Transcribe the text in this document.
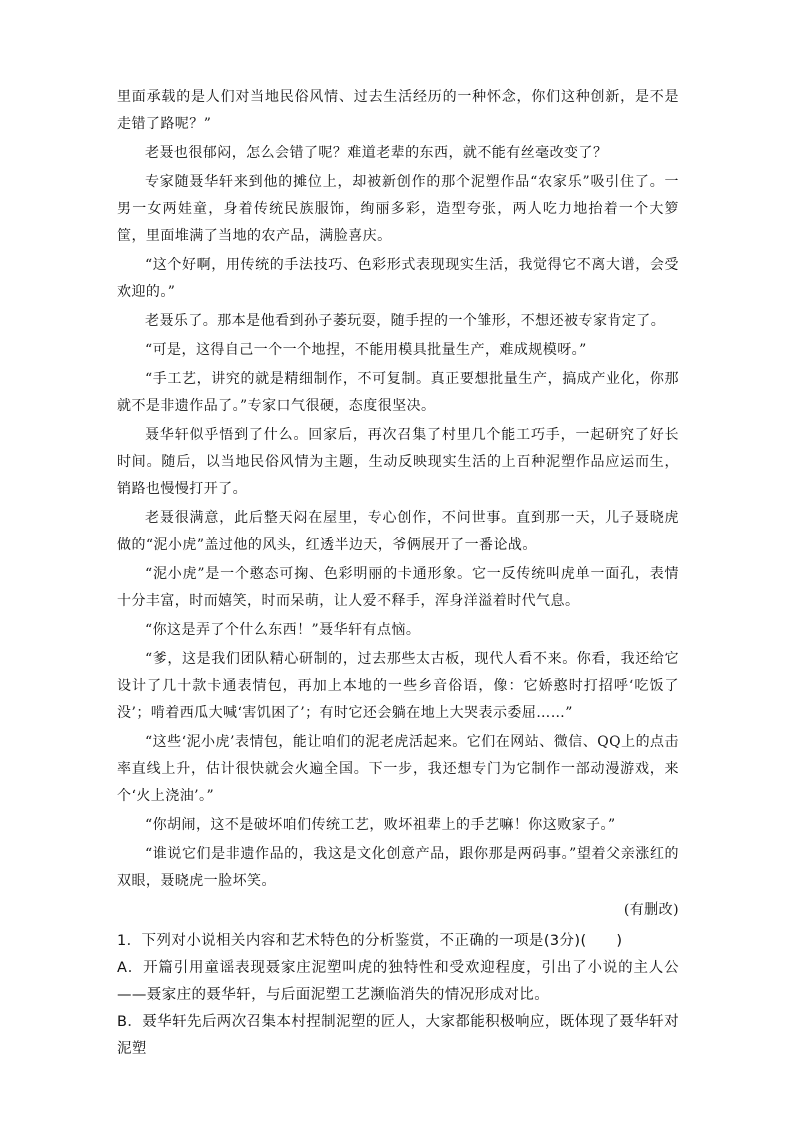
里面承载的是人们对当地民俗风情、过去生活经历的一种怀念，你们这种创新，是不是走错了路呢？”

老聂也很郁闷，怎么会错了呢？难道老辈的东西，就不能有丝毫改变了？

专家随聂华轩来到他的摊位上，却被新创作的那个泥塑作品“农家乐”吸引住了。一男一女两娃童，身着传统民族服饰，绚丽多彩，造型夸张，两人吃力地抬着一个大箩筐，里面堆满了当地的农产品，满脸喜庆。

“这个好啊，用传统的手法技巧、色彩形式表现现实生活，我觉得它不离大谱，会受欢迎的。”

老聂乐了。那本是他看到孙子萎玩耍，随手捏的一个雏形，不想还被专家肯定了。

“可是，这得自己一个一个地捏，不能用模具批量生产，难成规模呀。”

“手工艺，讲究的就是精细制作，不可复制。真正要想批量生产，搞成产业化，你那就不是非遗作品了。”专家口气很硬，态度很坚决。

聂华轩似乎悟到了什么。回家后，再次召集了村里几个能工巧手，一起研究了好长时间。随后，以当地民俗风情为主题，生动反映现实生活的上百种泥塑作品应运而生，销路也慢慢打开了。

老聂很满意，此后整天闷在屋里，专心创作，不问世事。直到那一天，儿子聂晓虎做的“泥小虎”盖过他的风头，红透半边天，爷俩展开了一番论战。

“泥小虎”是一个憨态可掬、色彩明丽的卡通形象。它一反传统叫虎单一面孔，表情十分丰富，时而嬉笑，时而呆萌，让人爱不释手，浑身洋溢着时代气息。

“你这是弄了个什么东西！”聂华轩有点恼。

“爹，这是我们团队精心研制的，过去那些太古板，现代人看不来。你看，我还给它设计了几十款卡通表情包，再加上本地的一些乡音俗语，像：它娇憨时打招呼‘吃饭了没’；啃着西瓜大喊‘害饥困了’；有时它还会躺在地上大哭表示委屈……”

“这些‘泥小虎’表情包，能让咱们的泥老虎活起来。它们在网站、微信、QQ上的点击率直线上升，估计很快就会火遍全国。下一步，我还想专门为它制作一部动漫游戏，来个‘火上浇油’。”

“你胡闹，这不是破坏咱们传统工艺，败坏祖辈上的手艺嘛！你这败家子。”

“谁说它们是非遗作品的，我这是文化创意产品，跟你那是两码事。”望着父亲涨红的双眼，聂晓虎一脸坏笑。

(有删改)

1．下列对小说相关内容和艺术特色的分析鉴赏，不正确的一项是(3分)(　　)

A．开篇引用童谣表现聂家庄泥塑叫虎的独特性和受欢迎程度，引出了小说的主人公——聂家庄的聂华轩，与后面泥塑工艺濒临消失的情况形成对比。

B．聂华轩先后两次召集本村捏制泥塑的匠人，大家都能积极响应，既体现了聂华轩对泥塑
